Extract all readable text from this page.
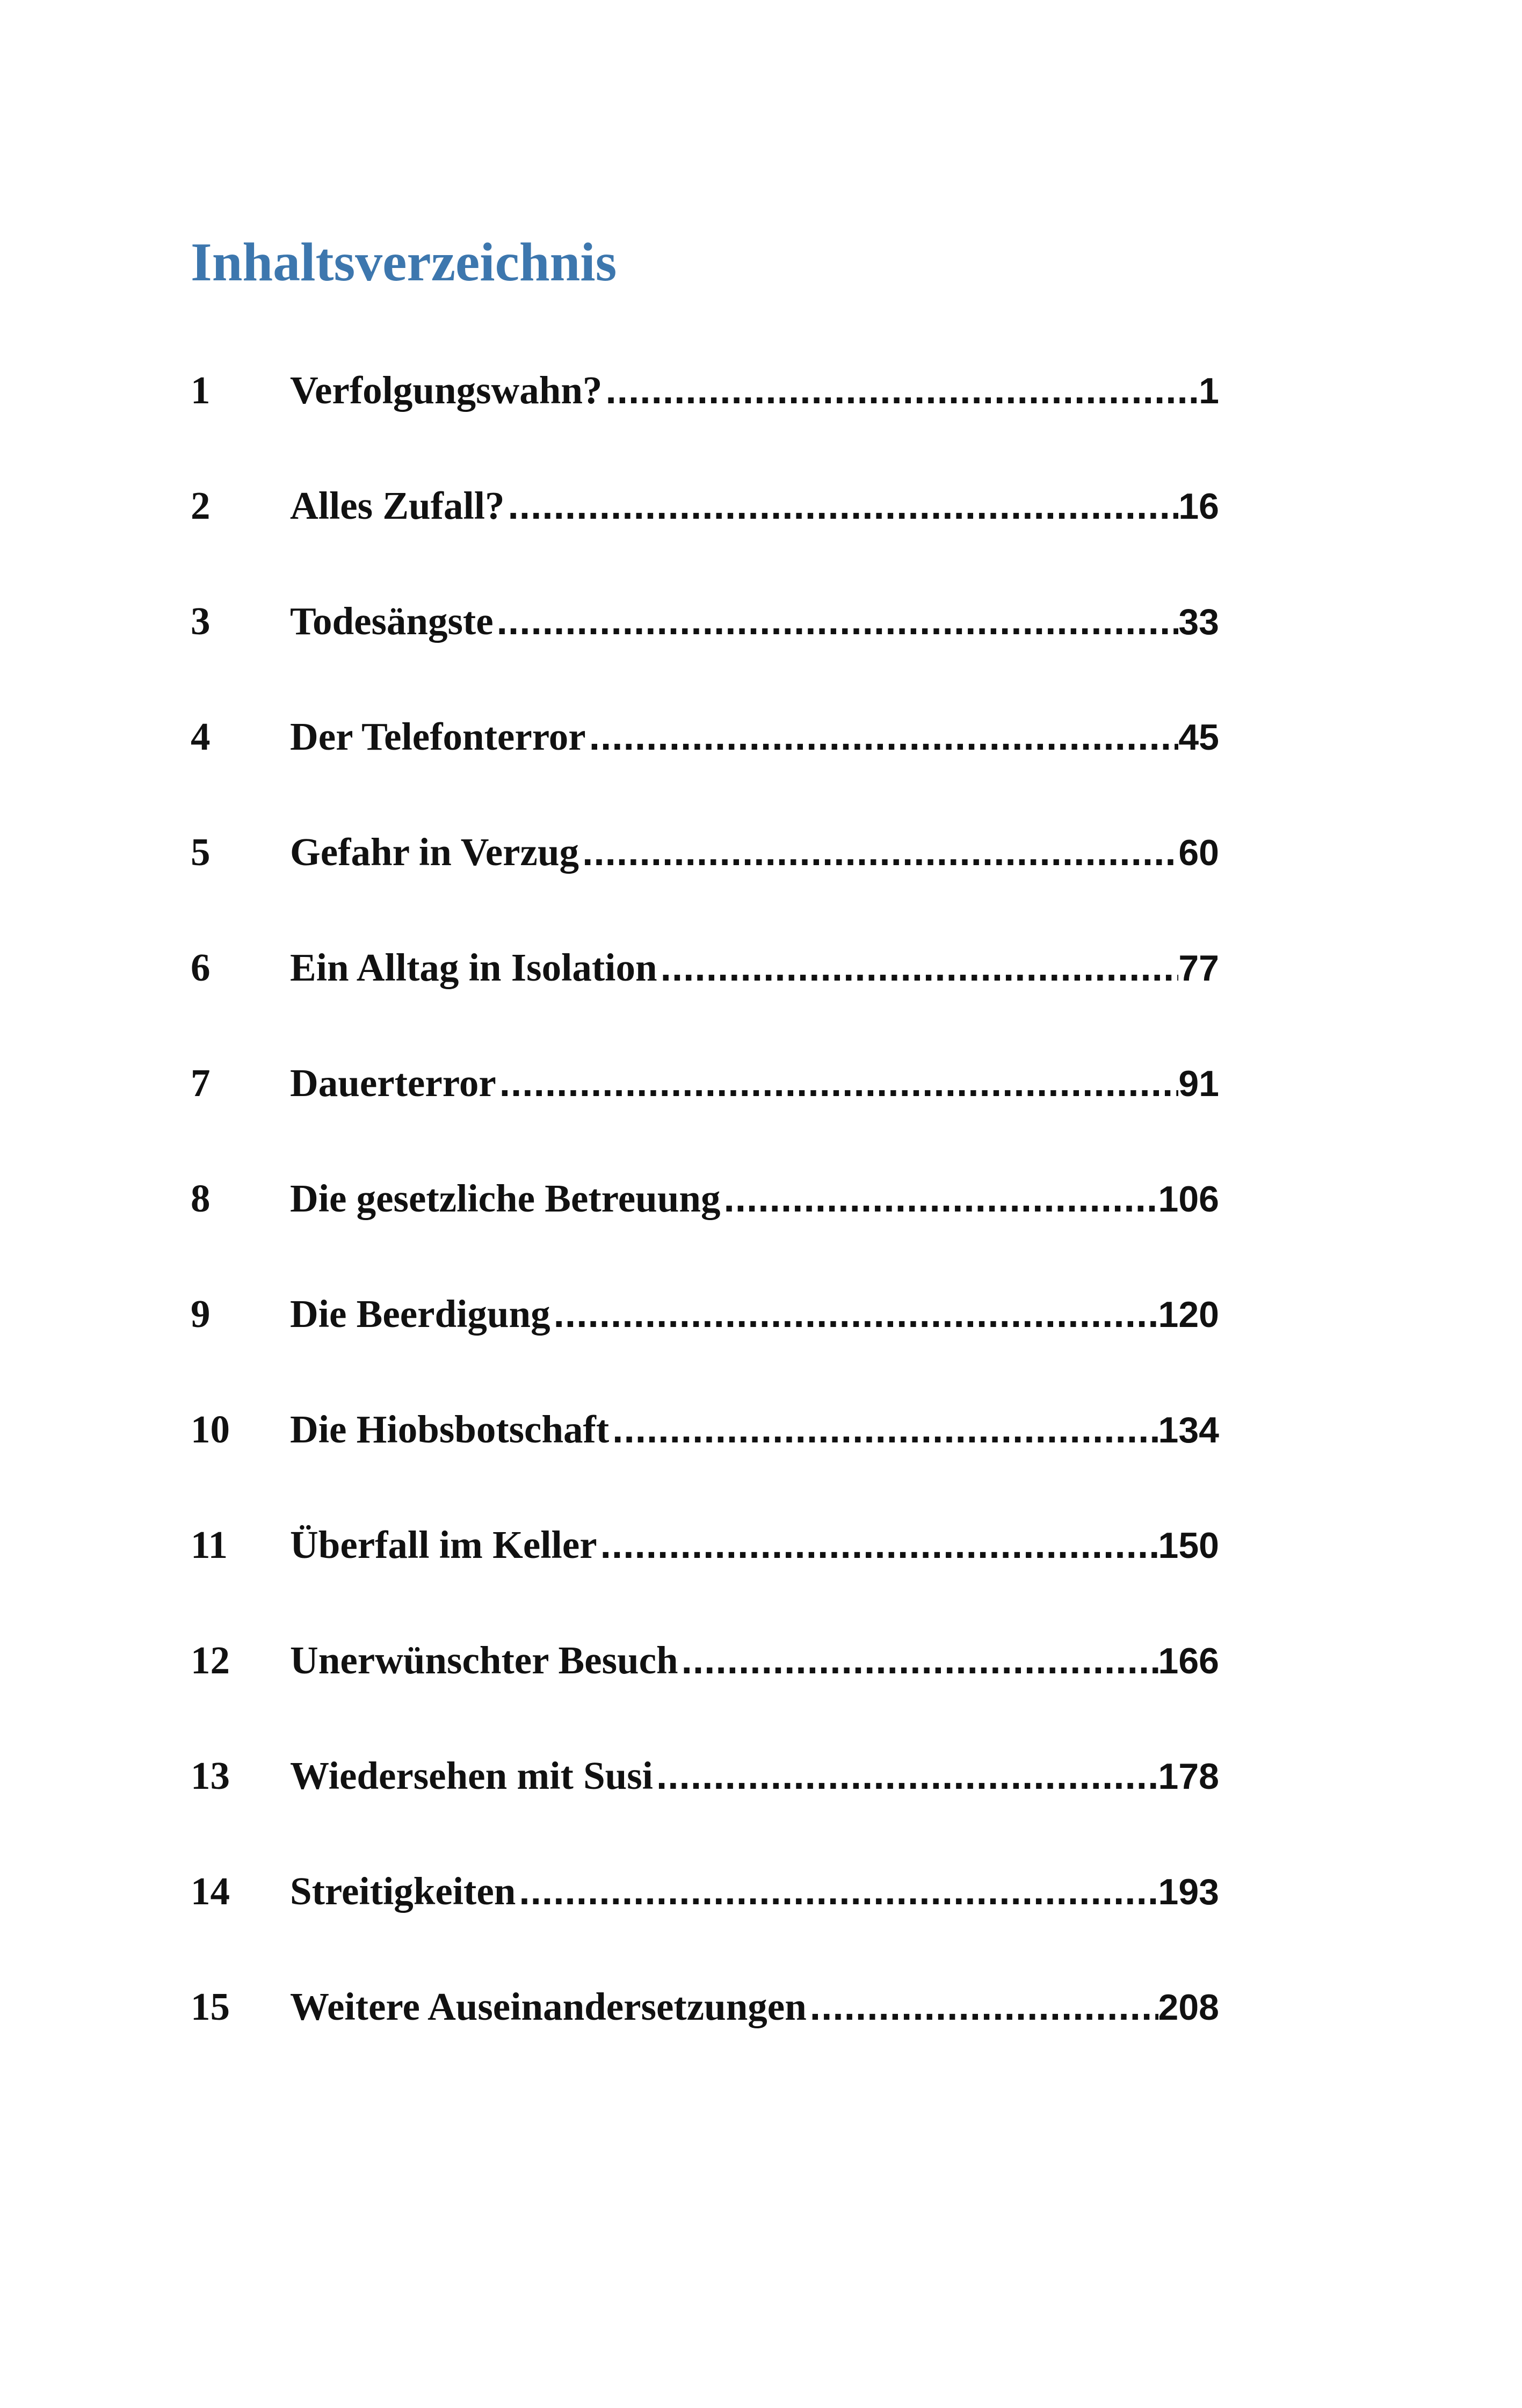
Inhaltsverzeichnis
1	Verfolgungswahn? .....	1
2	Alles Zufall? .....	16
3	Todesängste .....	33
4	Der Telefonterror .....	45
5	Gefahr in Verzug .....	60
6	Ein Alltag in Isolation .....	77
7	Dauerterror .....	91
8	Die gesetzliche Betreuung .....	106
9	Die Beerdigung .....	120
10	Die Hiobsbotschaft .....	134
11	Überfall im Keller .....	150
12	Unerwünschter Besuch .....	166
13	Wiedersehen mit Susi .....	178
14	Streitigkeiten .....	193
15	Weitere Auseinandersetzungen .....	208
